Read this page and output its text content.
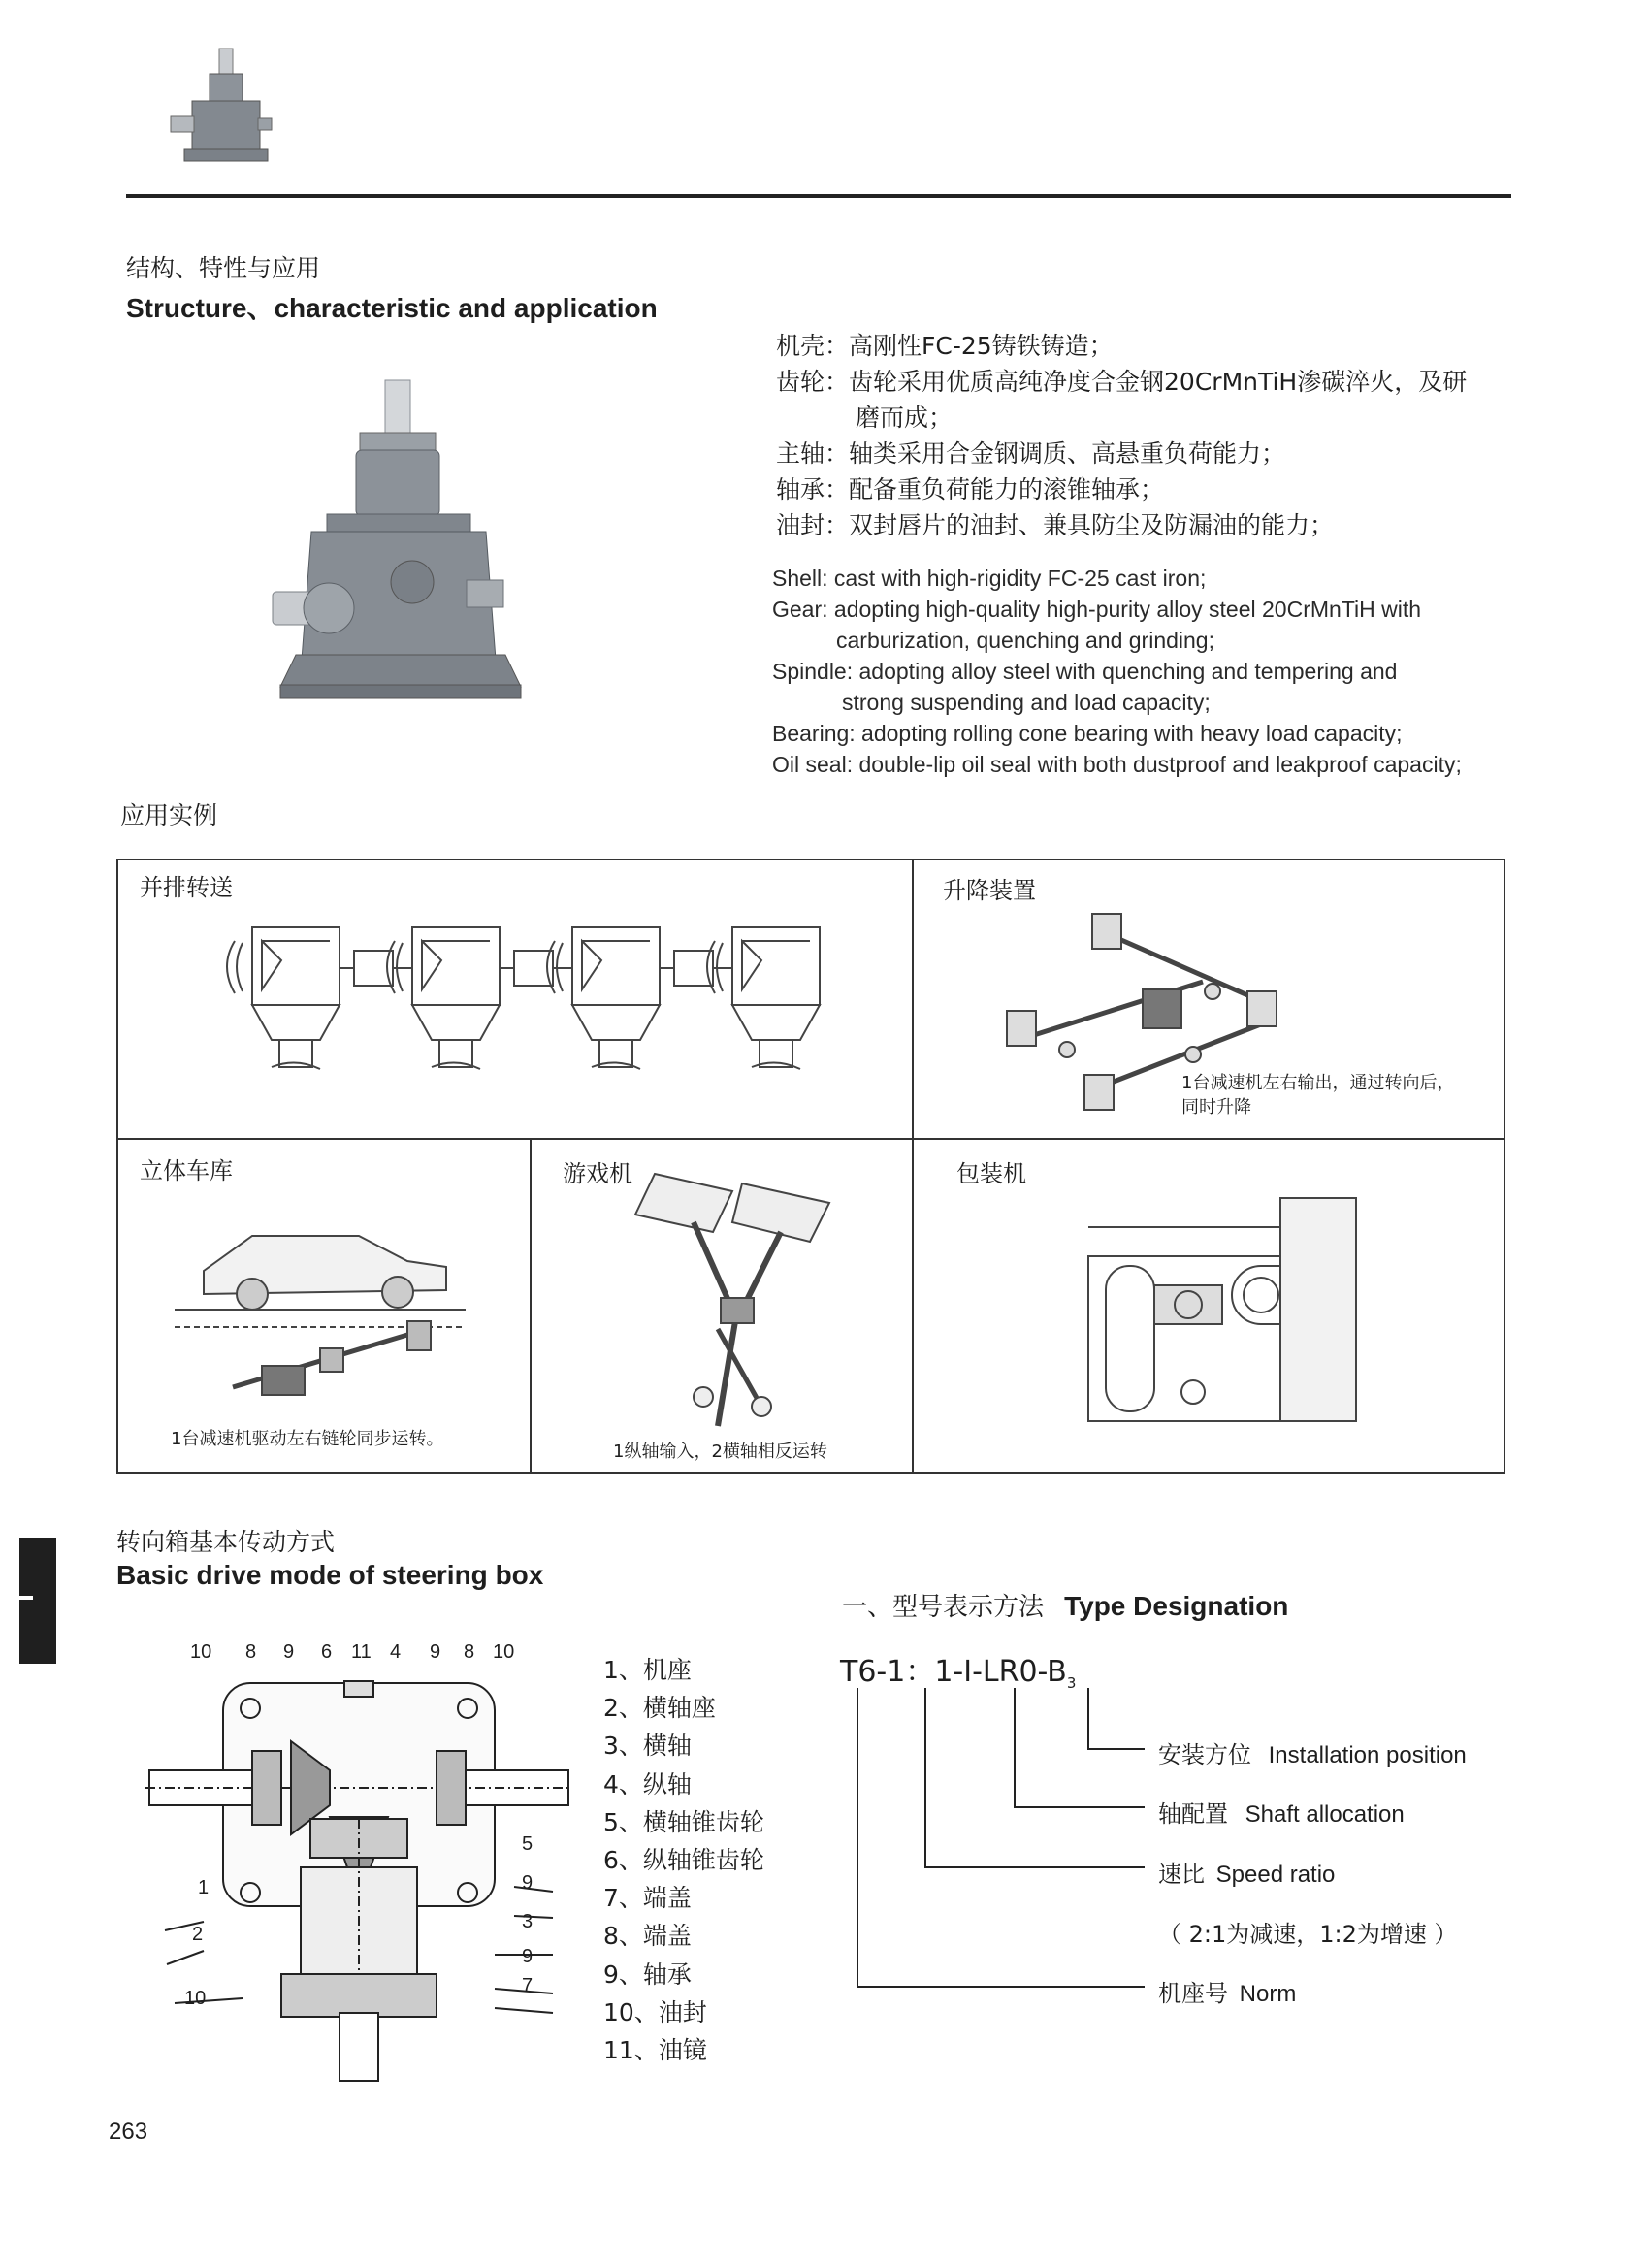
结构、特性与应用
Structure、characteristic and application
机壳：高刚性FC-25铸铁铸造；
齿轮：齿轮采用优质高纯净度合金钢20CrMnTiH渗碳淬火，及研
磨而成；
主轴：轴类采用合金钢调质、高悬重负荷能力；
轴承：配备重负荷能力的滚锥轴承；
油封：双封唇片的油封、兼具防尘及防漏油的能力；
Shell: cast with high-rigidity FC-25 cast iron;
Gear: adopting high-quality high-purity alloy steel 20CrMnTiH with
carburization, quenching and grinding;
Spindle: adopting alloy steel with quenching and tempering and
strong suspending and load capacity;
Bearing: adopting rolling cone bearing with heavy load capacity;
Oil seal: double-lip oil seal with both dustproof and leakproof capacity;
应用实例
并排转送	升降装置
1台减速机左右输出，通过转向后，
同时升降
立体车库
1台减速机驱动左右链轮同步运转。
游戏机
1纵轴输入，2横轴相反运转
包装机
转向箱基本传动方式
Basic drive mode of steering box
10 8 9 6 11 4 9 8 10
5
9
3
9
7
1
2
10
1、机座
2、横轴座
3、横轴
4、纵轴
5、横轴锥齿轮
6、纵轴锥齿轮
7、端盖
8、端盖
9、轴承
10、油封
11、油镜
一、型号表示方法 Type Designation
T6-1：$1-I-LR0-B_3$
安装方位 Installation position
轴配置 Shaft allocation
速比 Speed ratio
（ 2:1为减速，1:2为增速 ）
机座号 Norm
263
